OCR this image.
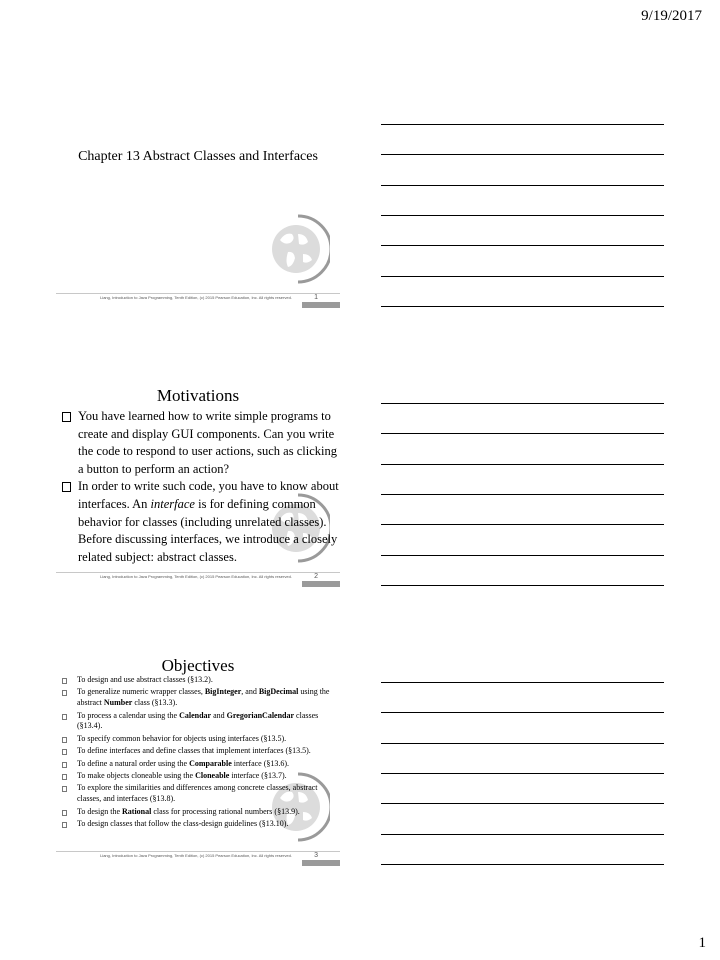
9/19/2017
Chapter 13 Abstract Classes and Interfaces
Liang, Introduction to Java Programming, Tenth Edition, (c) 2015 Pearson Education, Inc. All rights reserved.	1
Motivations
You have learned how to write simple programs to create and display GUI components. Can you write the code to respond to user actions, such as clicking a button to perform an action?
In order to write such code, you have to know about interfaces. An interface is for defining common behavior for classes (including unrelated classes). Before discussing interfaces, we introduce a closely related subject: abstract classes.
Liang, Introduction to Java Programming, Tenth Edition, (c) 2015 Pearson Education, Inc. All rights reserved.	2
Objectives
To design and use abstract classes (§13.2).
To generalize numeric wrapper classes, BigInteger, and BigDecimal using the abstract Number class (§13.3).
To process a calendar using the Calendar and GregorianCalendar classes (§13.4).
To specify common behavior for objects using interfaces (§13.5).
To define interfaces and define classes that implement interfaces (§13.5).
To define a natural order using the Comparable interface (§13.6).
To make objects cloneable using the Cloneable interface (§13.7).
To explore the similarities and differences among concrete classes, abstract classes, and interfaces (§13.8).
To design the Rational class for processing rational numbers (§13.9).
To design classes that follow the class-design guidelines (§13.10).
Liang, Introduction to Java Programming, Tenth Edition, (c) 2015 Pearson Education, Inc. All rights reserved.	3
1
